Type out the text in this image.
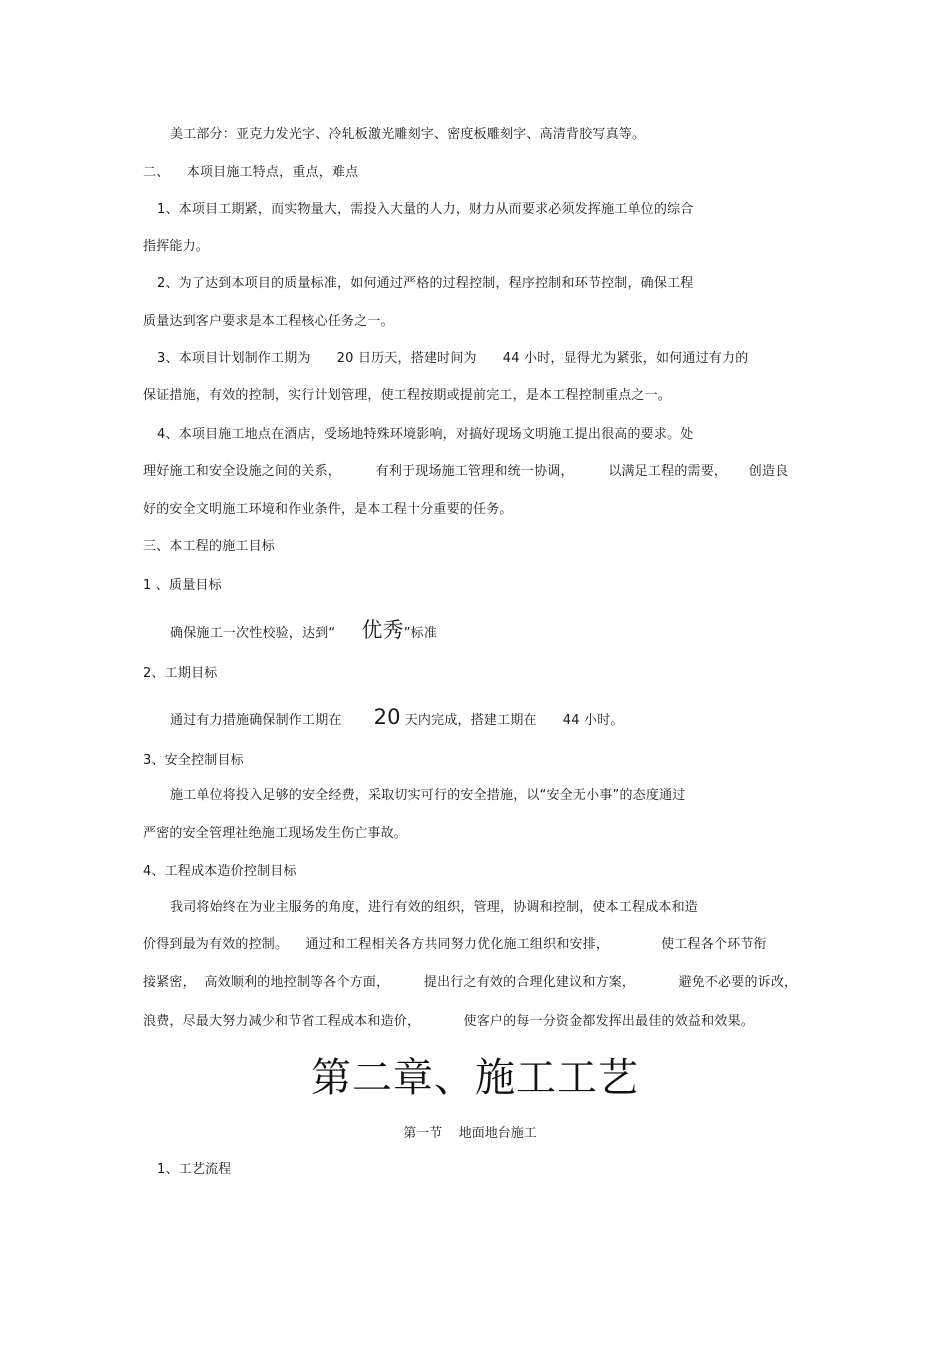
美工部分：亚克力发光字、冷轧板激光雕刻字、密度板雕刻字、高清背胶写真等。
二、    本项目施工特点，重点，难点
1、本项目工期紧，而实物量大，需投入大量的人力，财力从而要求必须发挥施工单位的综合
指挥能力。
2、为了达到本项目的质量标准，如何通过严格的过程控制，程序控制和环节控制，确保工程
质量达到客户要求是本工程核心任务之一。
3、本项目计划制作工期为      20 日历天，搭建时间为      44 小时，显得尤为紧张，如何通过有力的
保证措施，有效的控制，实行计划管理，使工程按期或提前完工，是本工程控制重点之一。
4、本项目施工地点在酒店，受场地特殊环境影响，对搞好现场文明施工提出很高的要求。处
理好施工和安全设施之间的关系，        有利于现场施工管理和统一协调，        以满足工程的需要，     创造良
好的安全文明施工环境和作业条件，是本工程十分重要的任务。
三、本工程的施工目标
1 、质量目标
确保施工一次性校验，达到“ 优秀”标准
2、工期目标
通过有力措施确保制作工期在 20 天内完成，搭建工期在      44 小时。
3、安全控制目标
施工单位将投入足够的安全经费，采取切实可行的安全措施，以“安全无小事”的态度通过
严密的安全管理社绝施工现场发生伤亡事故。
4、工程成本造价控制目标
我司将始终在为业主服务的角度，进行有效的组织，管理，协调和控制，使本工程成本和造
价得到最为有效的控制。    通过和工程相关各方共同努力优化施工组织和安排，            使工程各个环节衔
接紧密，  高效顺利的地控制等各个方面，        提出行之有效的合理化建议和方案，          避免不必要的诉改，
浪费，尽最大努力减少和节省工程成本和造价，          使客户的每一分资金都发挥出最佳的效益和效果。
第二章、施工工艺
第一节    地面地台施工
1、工艺流程
